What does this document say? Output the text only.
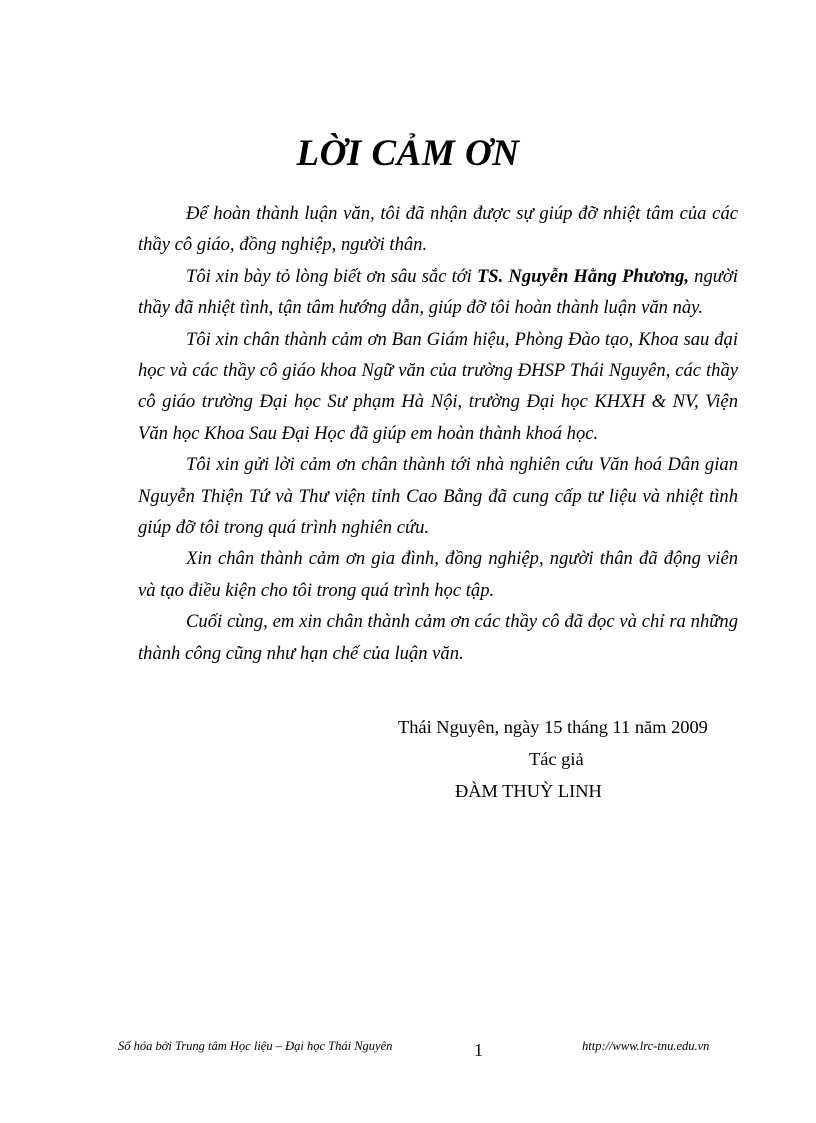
LỜI CẢM ƠN

Để hoàn thành luận văn, tôi đã nhận được sự giúp đỡ nhiệt tâm của các thầy cô giáo, đồng nghiệp, người thân.

Tôi xin bày tỏ lòng biết ơn sâu sắc tới TS. Nguyễn Hằng Phương, người thầy đã nhiệt tình, tận tâm hướng dẫn, giúp đỡ tôi hoàn thành luận văn này.

Tôi xin chân thành cảm ơn Ban Giám hiệu, Phòng Đào tạo, Khoa sau đại học và các thầy cô giáo khoa Ngữ văn của trường ĐHSP Thái Nguyên, các thầy cô giáo trường Đại học Sư phạm Hà Nội, trường Đại học KHXH & NV, Viện Văn học Khoa Sau Đại Học đã giúp em hoàn thành khoá học.

Tôi xin gửi lời cảm ơn chân thành tới nhà nghiên cứu Văn hoá Dân gian Nguyễn Thiện Tứ và Thư viện tỉnh Cao Bằng đã cung cấp tư liệu và nhiệt tình giúp đỡ tôi trong quá trình nghiên cứu.

Xin chân thành cảm ơn gia đình, đồng nghiệp, người thân đã động viên và tạo điều kiện cho tôi trong quá trình học tập.

Cuối cùng, em xin chân thành cảm ơn các thầy cô đã đọc và chỉ ra những thành công cũng như hạn chế của luận văn.

Thái Nguyên, ngày 15 tháng 11 năm 2009
Tác giả
ĐÀM THUỲ LINH
Số hóa bởi Trung tâm Học liệu – Đại học Thái Nguyên	1	http://www.lrc-tnu.edu.vn
